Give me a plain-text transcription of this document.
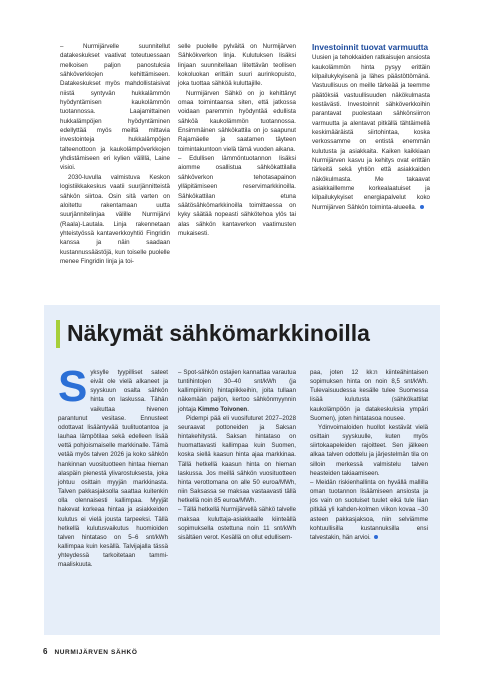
– Nurmijärvelle suunnitellut datakeskukset vaativat toteutuessaan melkoisen paljon panostuksia sähköverkkojen kehittämiseen. Datakeskukset myös mahdollistaisivat niistä syntyvän hukkalämmön hyödyntämisen kaukolämmön tuotannossa. Laajamittainen hukkalämpöjen hyödyntäminen edellyttää myös meiltä mittavia investointeja hukkalämpöjen talteenottoon ja kaukolämpöverkkojen yhdistämiseen eri kylien välillä, Laine visioi.

2030-luvulla valmistuva Keskon logistiikkakeskus vaatii suurjännitteistä sähkön siirtoa. Osin sitä varten on aloitettu rakentamaan uutta suurjännitelinjaa välille Nurmijärvi (Raala)-Lautala. Linja rakennetaan yhteistyössä kantaverkkoyhtiö Fingridin kanssa ja näin saadaan kustannussäästöjä, kun toiselle puolelle menee Fingridin linja ja toi-

selle puolelle pylväitä on Nurmijärven Sähkökverkon linja. Kulutuksen lisäksi linjaan suunnitellaan liitettävän teollisen kokoluokan erittäin suuri aurinkopuisto, joka tuottaa sähköä kuluttajille.

Nurmijärven Sähkö on jo kehittänyt omaa toimintaansa siten, että jatkossa voidaan paremmin hyödyntää edullista sähköä kaukolämmön tuotannossa. Ensimmäinen sähkökattila on jo saapunut Rajamäelle ja saatamen täyteen toimintakuntoon vielä tämä vuoden aikana.

– Edullisen lämmöntuotannon lisäksi aiomme osallistua sähkökattilalla sähköverkon tehotasapainon ylläpitämiseen reservimarkkinoilla. Sähkökattilan etuna säätösähkömarkkinoilla toimittaessa on kyky säätää nopeasti sähkötehoa ylös tai alas sähkön kantaverkon vaatimusten mukaisesti.

Investoinnit tuovat varmuutta

Uusien ja tehokkaiden ratkaisujen ansiosta kaukolämmön hinta pysyy erittäin kilpailukykyisenä ja lähes päästöttömänä. Vastuullisuus on meille tärkeää ja teemme päätöksiä vastuullisuuden näkökulmasta kestävästi. Investoinnit sähköverkkoihin parantavat puolestaan sähkönsiirron varmuutta ja alentavat pitkällä tähtäimellä keskimääräistä siirtohintaa, koska verkossamme on entistä enemmän kulutusta ja asiakkaita. Kaiken kaikkiaan Nurmijärven kasvu ja kehitys ovat erittäin tärkeitä sekä yhtiön että asiakkaiden näkökulmasta. Me takaavat asiakkaillemme korkealaatuiset ja kilpailukykyiset energiapalvelut koko Nurmijärven Sähkön toiminta-alueella.

Näkymät sähkömarkkinoilla

Syksylle tyypilliset sateet eivät ole vielä alkaneet ja syyskuun osalta sähkön hinta on laskussa. Tähän vaikuttaa hivenen parantunut vesitase. Ennusteet odottavat lisääntyvää tuulituotantoa ja lauhaa lämpötilaa sekä edelleen lisää vettä pohjoismaiselle markkinalle. Tämä vetää myös talven 2026 ja koko sähkön hankinnan vuosituotteen hintaa hieman alaspäin pienestä ylivarostuksesta, joka johtuu osittain myyjän markkinasta. Talven pakkasjaksolla saattaa kuitenkin olla olennaisesti kallimpaa. Myyjät hakevat korkeaa hintaa ja asiakkeiden kulutus ei vielä jousta tarpeeksi. Tällä hetkellä kulutusvaikutus huomioiden talven hintataso on 5–6 snt/kWh kallimpaa kuin kesällä. Talvijajalla tässä yhteydessä tarkoitetaan tammi-maaliskuuta.

– Spot-sähkön ostajien kannattaa varautua tuntihintojen 30–40 snt/kWh (ja kallimpiinkin) hintapiikkeihin, joita tullaan näkemään paljon, kertoo sähkönmyynnin johtaja Kimmo Toivonen.

Pidempi pää eli vuosifuturet 2027–2028 seuraavat pottoneiden ja Saksan hintakehitystä. Saksan hintataso on huomattavasti kallimpaa kuin Suomen, koska siellä kaasun hinta ajaa markkinaa. Tällä hetkellä kaasun hinta on hieman laskussa. Jos meillä sähkön vuosituotteen hinta verottomana on alle 50 euroa/MWh, niin Saksassa se maksaa vastaavasti tällä hetkellä noin 85 euroa/MWh.

– Tällä hetkellä Nurmijärvellä sähkö talvelle maksaa kuluttaja-asiakkaalle kiinteällä sopimuksella ostettuna noin 11 snt/kWh sisältäen verot. Kesällä on ollut edullisem-

paa, joten 12 kk:n kiinteähintaisen sopimuksen hinta on noin 8,5 snt/kWh. Tulevaisuudessa kesälle tulee Suomessa lisää kulutusta (sähkökattilat kaukolämpöön ja datakeskuksia ympäri Suomen), joten hintatasoa nousee.

Ydinvoimaloiden huollot kestävät vielä osittain syyskuulle, kuten myös siirtokaapeleiden rajoitteet. Sen jälkeen alkaa talven odottelu ja järjestelmän tila on silloin merkessä valmistelu talven heasteiden takiaamiseen.

– Meidän riskienhallinta on hyvällä mallilla oman tuotannon lisäämiseen ansiosta ja jos vain on suotuiset tuulet eikä tule liian pitkää yli kahden-kolmen viikon kovaa –30 asteen pakkasjaksoa, niin selviämme kohtuullisilla kustannuksilla ensi talvestakin, hän arvioi.

6 NURMIJÄRVEN SÄHKÖ
